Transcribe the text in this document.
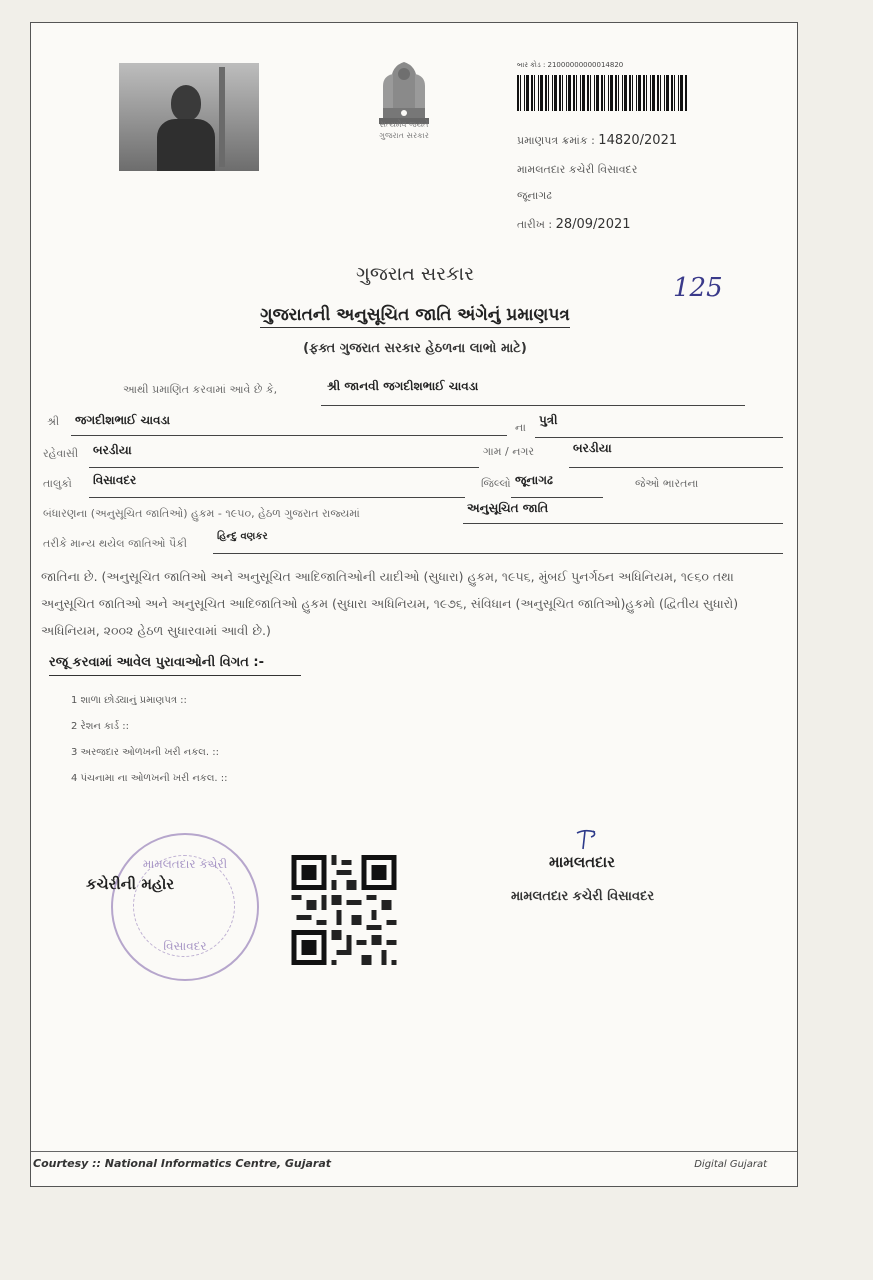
સત્યમેવ જયતે
ગુજરાત સરકાર
બાર કોડ : 21000000000014820
પ્રમાણપત્ર ક્રમાંક : 14820/2021
મામલતદાર કચેરી વિસાવદર
જૂનાગઢ
તારીખ : 28/09/2021
ગુજરાત સરકાર	125
ગુજરાતની અનુસૂચિત જાતિ અંગેનું પ્રમાણપત્ર
(ફક્ત ગુજરાત સરકાર હેઠળના લાભો માટે)
આથી પ્રમાણિત કરવામાં આવે છે કે,	શ્રી જાનવી જગદીશભાઈ ચાવડા
શ્રી જગદીશભાઈ ચાવડા
ના
પુત્રી
રહેવાસી બરડીયા	ગામ / નગર	બરડીયા
તાલુકો વિસાવદર	જિલ્લો જૂનાગઢ	જેઓ ભારતના
બંધારણના (અનુસૂચિત જાતિઓ) હુકમ - ૧૯૫૦, હેઠળ ગુજરાત રાજ્યમાં	અનુસૂચિત જાતિ
તરીકે માન્ય થયેલ જાતિઓ પૈકી
હિન્દુ વણકર
જાતિના છે. (અનુસૂચિત જાતિઓ અને અનુસૂચિત આદિજાતિઓની યાદીઓ (સુધારા) હુકમ, ૧૯૫૬, મુંબઈ પુનર્ગઠન અધિનિયમ, ૧૯૬૦ તથા અનુસૂચિત જાતિઓ અને અનુસૂચિત આદિજાતિઓ હુકમ (સુધારા અધિનિયમ, ૧૯૭૬, સંવિધાન (અનુસૂચિત જાતિઓ)હુકમો (દ્વિતીય સુધારો) અધિનિયમ, ૨૦૦૨ હેઠળ સુધારવામાં આવી છે.)
રજૂ કરવામાં આવેલ પુરાવાઓની વિગત :-
1 શાળા છોડ્યાનું પ્રમાણપત્ર ::
2 રેશન કાર્ડ ::
3 અરજદાર ઓળખની ખરી નકલ. ::
4 પંચનામા ના ઓળખની ખરી નકલ. ::
મામલતદાર કચેરી
વિસાવદર
કચેરીની મહોર
મામલતદાર
મામલતદાર કચેરી વિસાવદર
Courtesy :: National Informatics Centre, Gujarat	Digital Gujarat
